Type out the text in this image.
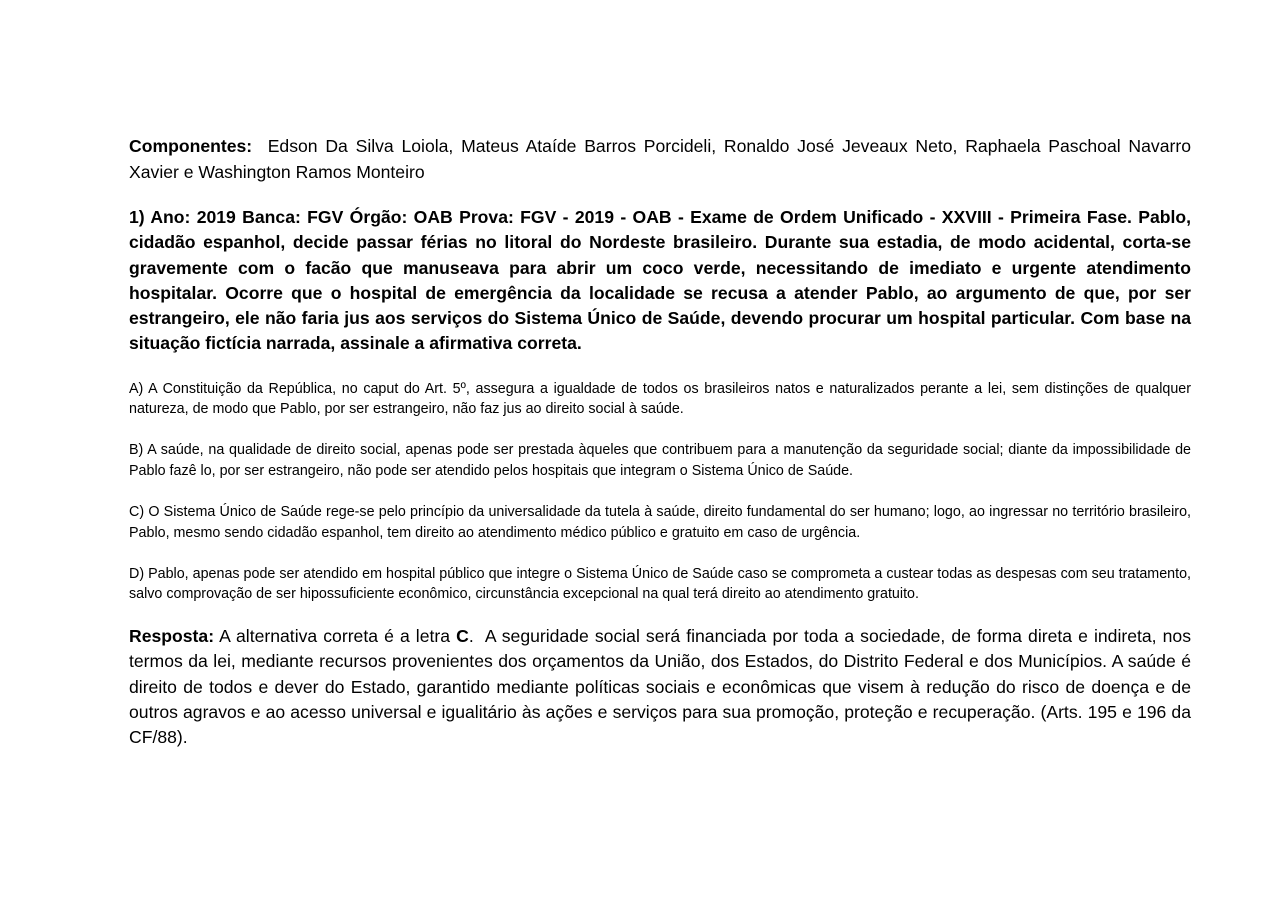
Componentes: Edson Da Silva Loiola, Mateus Ataíde Barros Porcideli, Ronaldo José Jeveaux Neto, Raphaela Paschoal Navarro Xavier e Washington Ramos Monteiro

1) Ano: 2019 Banca: FGV Órgão: OAB Prova: FGV - 2019 - OAB - Exame de Ordem Unificado - XXVIII - Primeira Fase. Pablo, cidadão espanhol, decide passar férias no litoral do Nordeste brasileiro. Durante sua estadia, de modo acidental, corta-se gravemente com o facão que manuseava para abrir um coco verde, necessitando de imediato e urgente atendimento hospitalar. Ocorre que o hospital de emergência da localidade se recusa a atender Pablo, ao argumento de que, por ser estrangeiro, ele não faria jus aos serviços do Sistema Único de Saúde, devendo procurar um hospital particular. Com base na situação fictícia narrada, assinale a afirmativa correta.

A) A Constituição da República, no caput do Art. 5º, assegura a igualdade de todos os brasileiros natos e naturalizados perante a lei, sem distinções de qualquer natureza, de modo que Pablo, por ser estrangeiro, não faz jus ao direito social à saúde.

B) A saúde, na qualidade de direito social, apenas pode ser prestada àqueles que contribuem para a manutenção da seguridade social; diante da impossibilidade de Pablo fazê lo, por ser estrangeiro, não pode ser atendido pelos hospitais que integram o Sistema Único de Saúde.

C) O Sistema Único de Saúde rege-se pelo princípio da universalidade da tutela à saúde, direito fundamental do ser humano; logo, ao ingressar no território brasileiro, Pablo, mesmo sendo cidadão espanhol, tem direito ao atendimento médico público e gratuito em caso de urgência.

D) Pablo, apenas pode ser atendido em hospital público que integre o Sistema Único de Saúde caso se comprometa a custear todas as despesas com seu tratamento, salvo comprovação de ser hipossuficiente econômico, circunstância excepcional na qual terá direito ao atendimento gratuito.

Resposta: A alternativa correta é a letra C. A seguridade social será financiada por toda a sociedade, de forma direta e indireta, nos termos da lei, mediante recursos provenientes dos orçamentos da União, dos Estados, do Distrito Federal e dos Municípios. A saúde é direito de todos e dever do Estado, garantido mediante políticas sociais e econômicas que visem à redução do risco de doença e de outros agravos e ao acesso universal e igualitário às ações e serviços para sua promoção, proteção e recuperação. (Arts. 195 e 196 da CF/88).
